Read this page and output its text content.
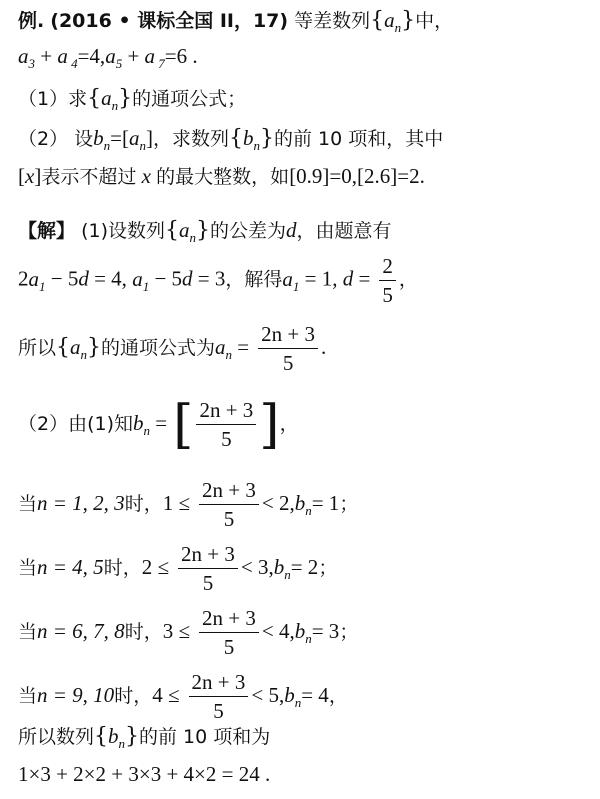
例. (2016 • 课标全国 II，17) 等差数列$\{a_n\}$中，
$a_3 + a$ $_4=4,a_5 + a$ $_7$=6 .
（1）求$\{a_n\}$的通项公式；
（2） 设$b_n=[a_n]$，求数列$\{b_n\}$的前 10 项和，其中
[x]表示不超过 x 的最大整数，如[0.9]=0,[2.6]=2.
【解】 (1)设数列$\{a_n\}$的公差为d，由题意有
$2a_1 - 5d = 4$, $a_1 - 5d = 3$，解得$a_1 = 1$, $d = \frac{2}{5}$ ，
所以$\{a_n\}$的通项公式为$a_n = \frac{2n + 3}{5}$ .
（2）由(1)知$b_n$ = [ $\frac{2n + 3}{5}$ ]，
当n = 1, 2, 3时，$1 \le \frac{2n + 3}{5} < 2,b_n= 1$；
当n = 4, 5时，$2 \le \frac{2n + 3}{5} < 3,b_n= 2$；
当n = 6, 7, 8时，$3 \le \frac{2n + 3}{5} < 4,b_n= 3$；
当n = 9, 10时，$4 \le \frac{2n + 3}{5} < 5,b_n= 4$，
所以数列$\{b_n\}$的前 10 项和为
1×3 + 2×2 + 3×3 + 4×2 = 24 .
